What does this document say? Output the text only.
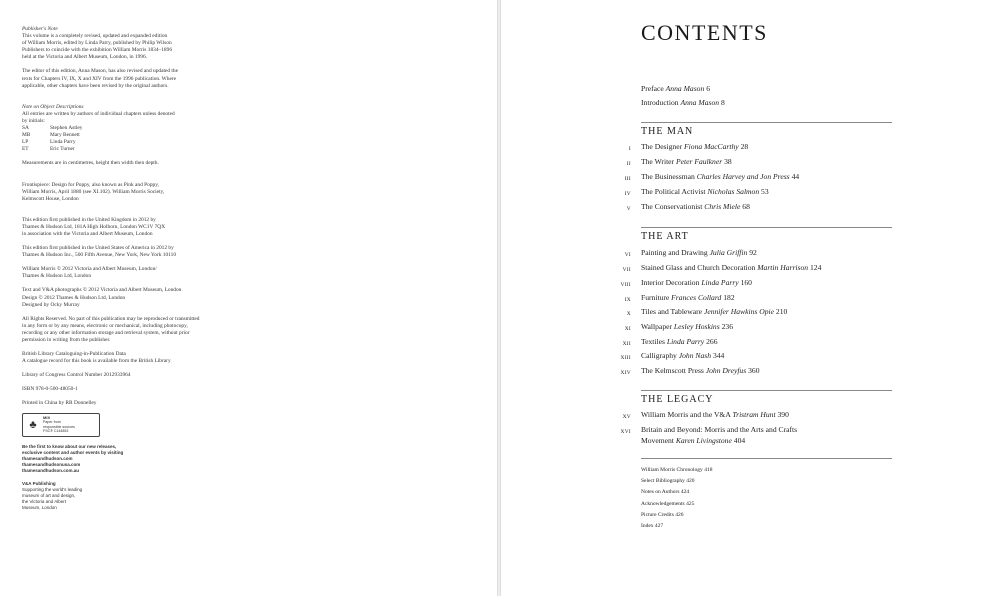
Publisher's Note

This volume is a completely revised, updated and expanded edition

of William Morris, edited by Linda Parry, published by Philip Wilson

Publishers to coincide with the exhibition William Morris 1834–1896

held at the Victoria and Albert Museum, London, in 1996.

The editor of this edition, Anna Mason, has also revised and updated the

texts for Chapters IV, IX, X and XIV from the 1996 publication. Where

applicable, other chapters have been revised by the original authors.

Note on Object Descriptions

All entries are written by authors of individual chapters unless denoted

by initials:

SA	Stephen Astley
MB	Mary Bennett
LP	Linda Parry
ET	Eric Turner

Measurements are in centimetres, height then width then depth.

Frontispiece: Design for Poppy, also known as Pink and Poppy,

William Morris, April 1880 (see XI.102). William Morris Society,

Kelmscott House, London

This edition first published in the United Kingdom in 2012 by

Thames & Hudson Ltd, 181A High Holborn, London WC1V 7QX

in association with the Victoria and Albert Museum, London

This edition first published in the United States of America in 2012 by

Thames & Hudson Inc., 500 Fifth Avenue, New York, New York 10110

William Morris © 2012 Victoria and Albert Museum, London/

Thames & Hudson Ltd, London

Text and V&A photographs © 2012 Victoria and Albert Museum, London

Design © 2012 Thames & Hudson Ltd, London

Designed by Ocky Murray

All Rights Reserved. No part of this publication may be reproduced or transmitted

in any form or by any means, electronic or mechanical, including photocopy,

recording or any other information storage and retrieval system, without prior

permission in writing from the publisher.

British Library Cataloguing-in-Publication Data

A catalogue record for this book is available from the British Library

Library of Congress Control Number 2012933964

ISBN 978-0-500-48050-1

Printed in China by RR Donnelley

♣
MIX
Paper from
responsible sources
FSC® C144853
Be the first to know about our new releases,
exclusive content and author events by visiting
thamesandhudson.com
thamesandhudsonusa.com
thamesandhudson.com.au
V&A Publishing
Supporting the world's leading
museum of art and design,
the Victoria and Albert
Museum, London
CONTENTS
Preface Anna Mason 6
Introduction Anna Mason 8
THE MAN
I The Designer Fiona MacCarthy 28
II The Writer Peter Faulkner 38
III The Businessman Charles Harvey and Jon Press 44
IV The Political Activist Nicholas Salmon 53
V The Conservationist Chris Miele 68
THE ART
VI Painting and Drawing Julia Griffin 92
VII Stained Glass and Church Decoration Martin Harrison 124
VIII Interior Decoration Linda Parry 160
IX Furniture Frances Collard 182
X Tiles and Tableware Jennifer Hawkins Opie 210
XI Wallpaper Lesley Hoskins 236
XII Textiles Linda Parry 266
XIII Calligraphy John Nash 344
XIV The Kelmscott Press John Dreyfus 360
THE LEGACY
XV William Morris and the V&A Tristram Hunt 390
XVI Britain and Beyond: Morris and the Arts and Crafts
Movement Karen Livingstone 404
William Morris Chronology 418
Select Bibliography 420
Notes on Authors 424
Acknowledgements 425
Picture Credits 426
Index 427
